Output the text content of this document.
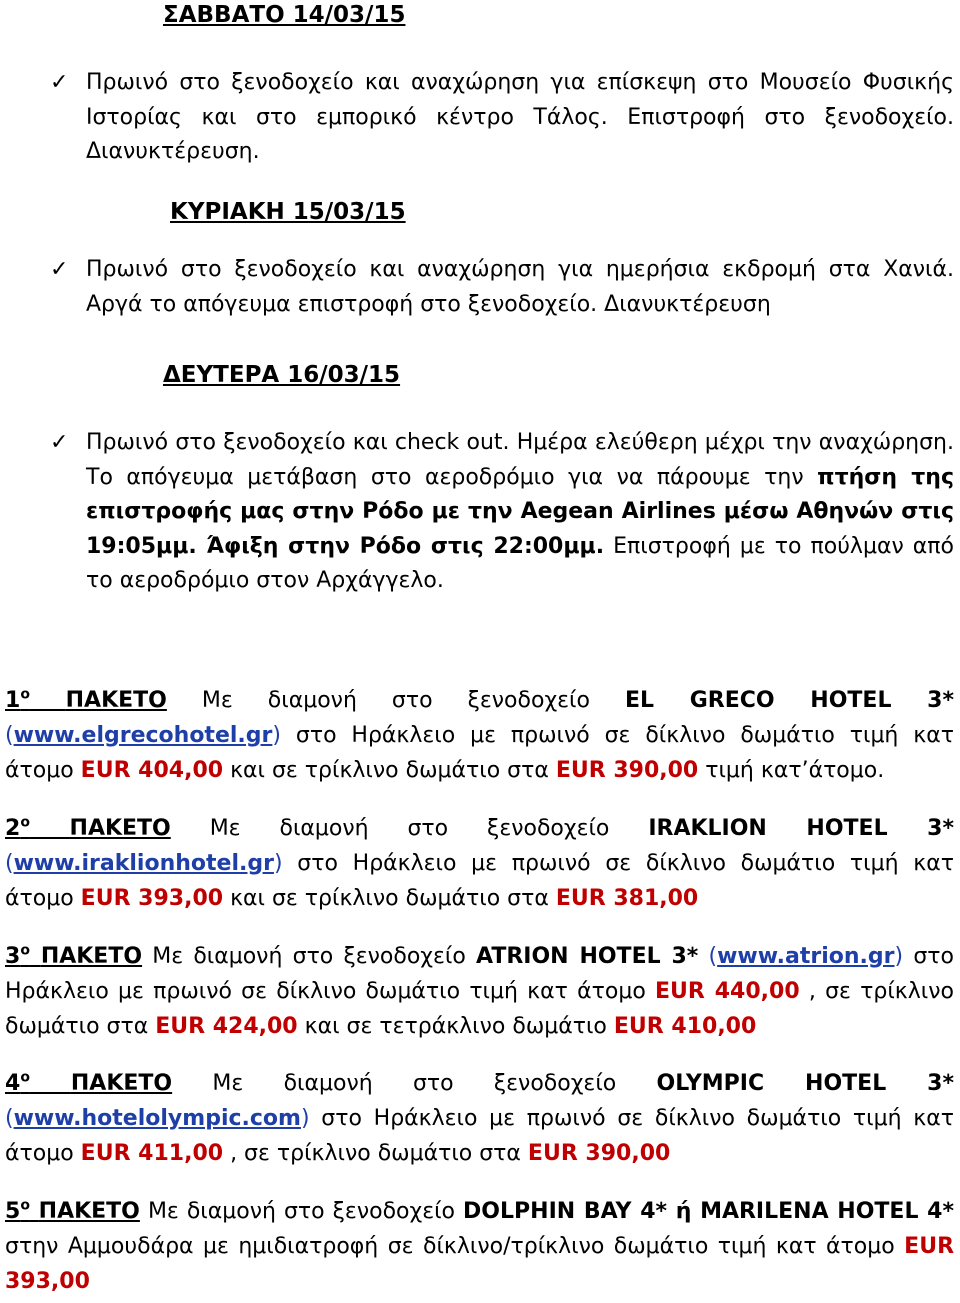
ΣΑΒΒΑΤΟ 14/03/15
✓ Πρωινό στο ξενοδοχείο και αναχώρηση για επίσκεψη στο Μουσείο Φυσικής Ιστορίας και στο εμπορικό κέντρο Τάλος. Επιστροφή στο ξενοδοχείο. Διανυκτέρευση.
ΚΥΡΙΑΚΗ 15/03/15
✓ Πρωινό στο ξενοδοχείο και αναχώρηση για ημερήσια εκδρομή στα Χανιά. Αργά το απόγευμα επιστροφή στο ξενοδοχείο. Διανυκτέρευση
ΔΕΥΤΕΡΑ 16/03/15
✓ Πρωινό στο ξενοδοχείο και check out. Ημέρα ελεύθερη μέχρι την αναχώρηση. Το απόγευμα μετάβαση στο αεροδρόμιο για να πάρουμε την πτήση της επιστροφής μας στην Ρόδο με την Aegean Airlines μέσω Αθηνών στις 19:05μμ. Άφιξη στην Ρόδο στις 22:00μμ. Επιστροφή με το πούλμαν από το αεροδρόμιο στον Αρχάγγελο.
$1^o$ ΠΑΚΕΤΟ Με διαμονή στο ξενοδοχείο EL GRECO HOTEL 3* (www.elgrecohotel.gr) στο Ηράκλειο με πρωινό σε δίκλινο δωμάτιο τιμή κατ άτομο EUR 404,00 και σε τρίκλινο δωμάτιο στα EUR 390,00 τιμή κατ’άτομο.
$2^o$ ΠΑΚΕΤΟ Με διαμονή στο ξενοδοχείο IRAKLION HOTEL 3* (www.iraklionhotel.gr) στο Ηράκλειο με πρωινό σε δίκλινο δωμάτιο τιμή κατ άτομο EUR 393,00 και σε τρίκλινο δωμάτιο στα EUR 381,00
$3^o$ ΠΑΚΕΤΟ Με διαμονή στο ξενοδοχείο ATRION HOTEL 3* (www.atrion.gr) στο Ηράκλειο με πρωινό σε δίκλινο δωμάτιο τιμή κατ άτομο EUR 440,00 , σε τρίκλινο δωμάτιο στα EUR 424,00 και σε τετράκλινο δωμάτιο EUR 410,00
$4^o$ ΠΑΚΕΤΟ Με διαμονή στο ξενοδοχείο OLYMPIC HOTEL 3* (www.hotelolympic.com) στο Ηράκλειο με πρωινό σε δίκλινο δωμάτιο τιμή κατ άτομο EUR 411,00 , σε τρίκλινο δωμάτιο στα EUR 390,00
$5^o$ ΠΑΚΕΤΟ Με διαμονή στο ξενοδοχείο DOLPHIN BAY 4* ή MARILENA HOTEL 4* στην Αμμουδάρα με ημιδιατροφή σε δίκλινο/τρίκλινο δωμάτιο τιμή κατ άτομο EUR 393,00
